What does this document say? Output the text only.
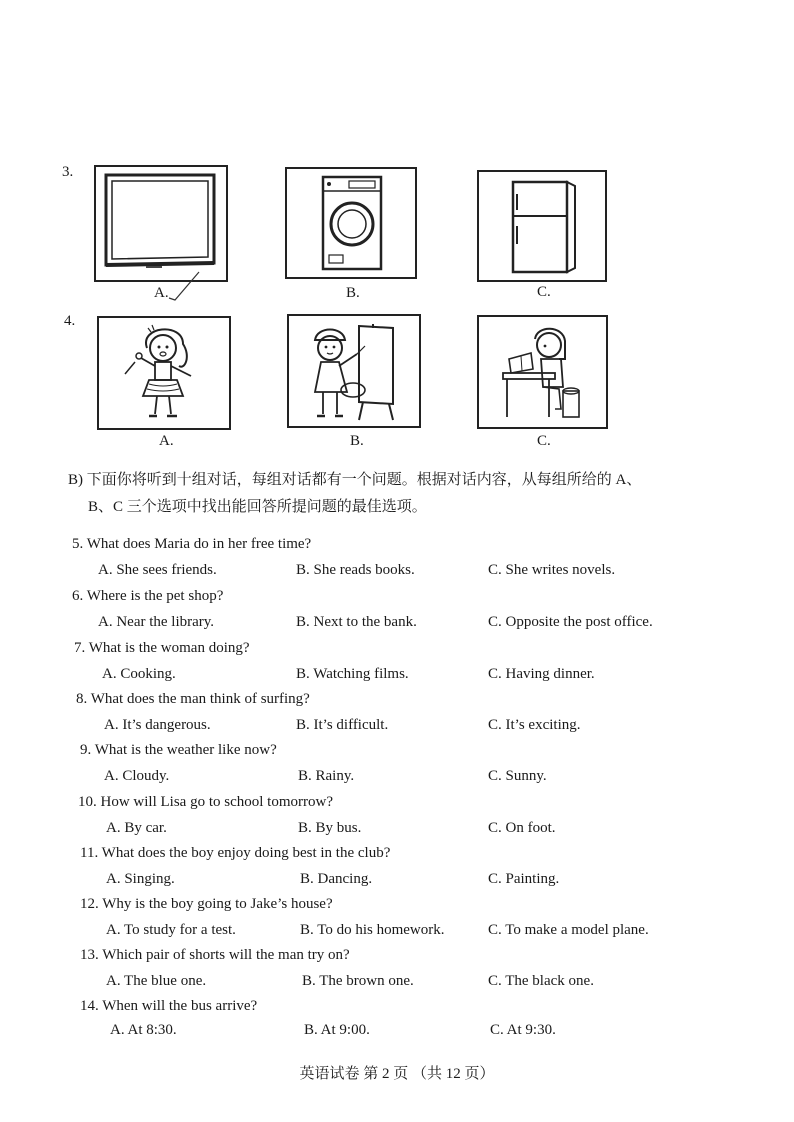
3.
A.	B.	C.
4.
A.	B.	C.
B) 下面你将听到十组对话，每组对话都有一个问题。根据对话内容，从每组所给的 A、
B、C 三个选项中找出能回答所提问题的最佳选项。
5. What does Maria do in her free time?
A. She sees friends.	B. She reads books.	C. She writes novels.
6. Where is the pet shop?
A. Near the library.	B. Next to the bank.	C. Opposite the post office.
7. What is the woman doing?
A. Cooking.	B. Watching films.	C. Having dinner.
8. What does the man think of surfing?
A. It’s dangerous.	B. It’s difficult.	C. It’s exciting.
9. What is the weather like now?
A. Cloudy.	B. Rainy.	C. Sunny.
10. How will Lisa go to school tomorrow?
A. By car.	B. By bus.	C. On foot.
11. What does the boy enjoy doing best in the club?
A. Singing.	B. Dancing.	C. Painting.
12. Why is the boy going to Jake’s house?
A. To study for a test.	B. To do his homework.	C. To make a model plane.
13. Which pair of shorts will the man try on?
A. The blue one.	B. The brown one.	C. The black one.
14. When will the bus arrive?
A. At 8:30.	B. At 9:00.	C. At 9:30.
英语试卷 第 2 页 （共 12 页）
